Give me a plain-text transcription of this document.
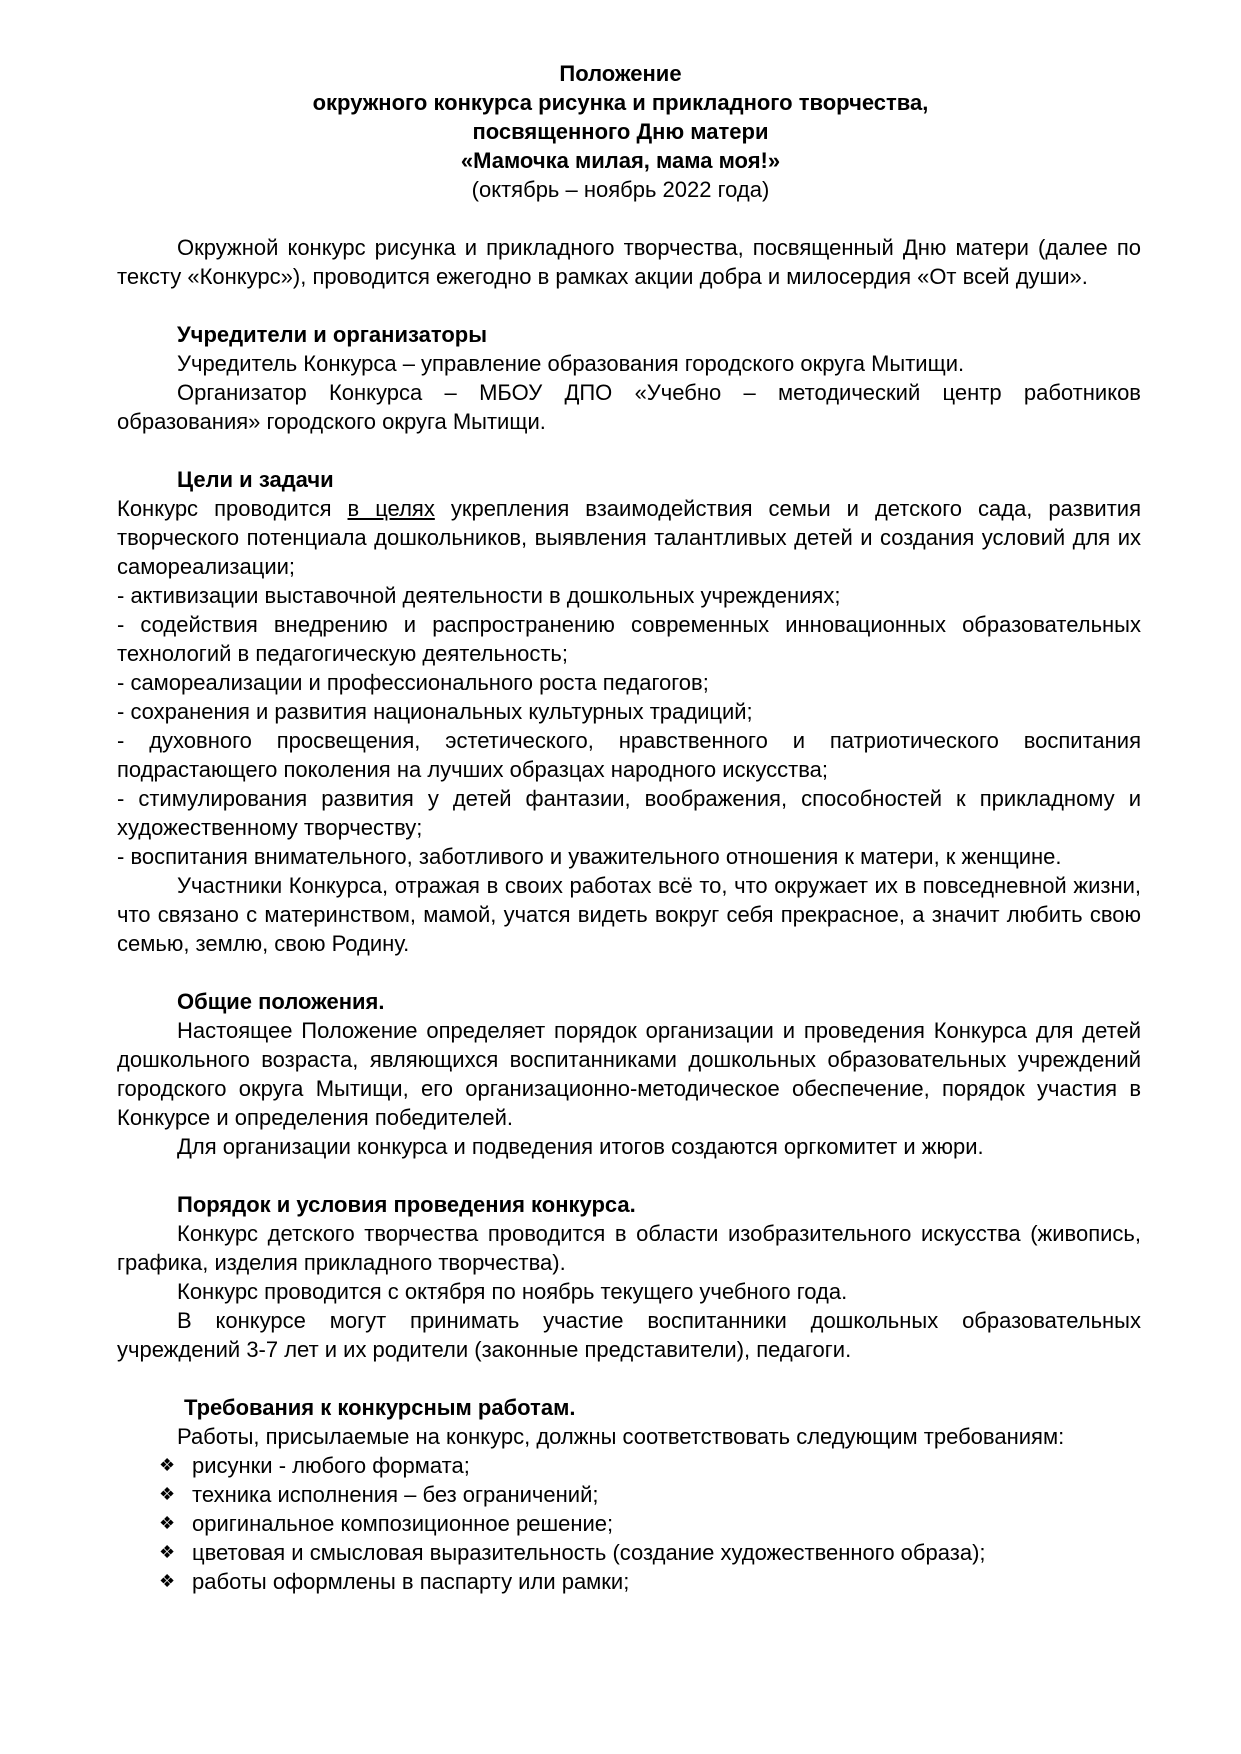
Положение
окружного конкурса рисунка и прикладного творчества,
посвященного Дню матери
«Мамочка милая, мама моя!»
(октябрь – ноябрь 2022 года)

Окружной конкурс рисунка и прикладного творчества, посвященный Дню матери (далее по тексту «Конкурс»), проводится ежегодно в рамках акции добра и милосердия «От всей души».

Учредители и организаторы

Учредитель Конкурса – управление образования городского округа Мытищи.

Организатор Конкурса – МБОУ ДПО «Учебно – методический центр работников образования» городского округа Мытищи.

Цели и задачи

Конкурс проводится в целях укрепления взаимодействия семьи и детского сада, развития творческого потенциала дошкольников, выявления талантливых детей и создания условий для их самореализации;

- активизации выставочной деятельности в дошкольных учреждениях;

- содействия внедрению и распространению современных инновационных образовательных технологий в педагогическую деятельность;

- самореализации и профессионального роста педагогов;

- сохранения и развития национальных культурных традиций;

- духовного просвещения, эстетического, нравственного и патриотического воспитания подрастающего поколения на лучших образцах народного искусства;

- стимулирования развития у детей фантазии, воображения, способностей к прикладному и художественному творчеству;

- воспитания внимательного, заботливого и уважительного отношения к матери, к женщине.

Участники Конкурса, отражая в своих работах всё то, что окружает их в повседневной жизни, что связано с материнством, мамой, учатся видеть вокруг себя прекрасное, а значит любить свою семью, землю, свою Родину.

Общие положения.

Настоящее Положение определяет порядок организации и проведения Конкурса для детей дошкольного возраста, являющихся воспитанниками дошкольных образовательных учреждений городского округа Мытищи, его организационно-методическое обеспечение, порядок участия в Конкурсе и определения победителей.

Для организации конкурса и подведения итогов создаются оргкомитет и жюри.

Порядок и условия проведения конкурса.

Конкурс детского творчества проводится в области изобразительного искусства (живопись, графика, изделия прикладного творчества).

Конкурс проводится с октября по ноябрь текущего учебного года.

В конкурсе могут принимать участие воспитанники дошкольных образовательных учреждений 3-7 лет и их родители (законные представители), педагоги.

Требования к конкурсным работам.

Работы, присылаемые на конкурс, должны соответствовать следующим требованиям:

❖ рисунки - любого формата;
❖ техника исполнения – без ограничений;
❖ оригинальное композиционное решение;
❖ цветовая и смысловая выразительность (создание художественного образа);
❖ работы оформлены в паспарту или рамки;
